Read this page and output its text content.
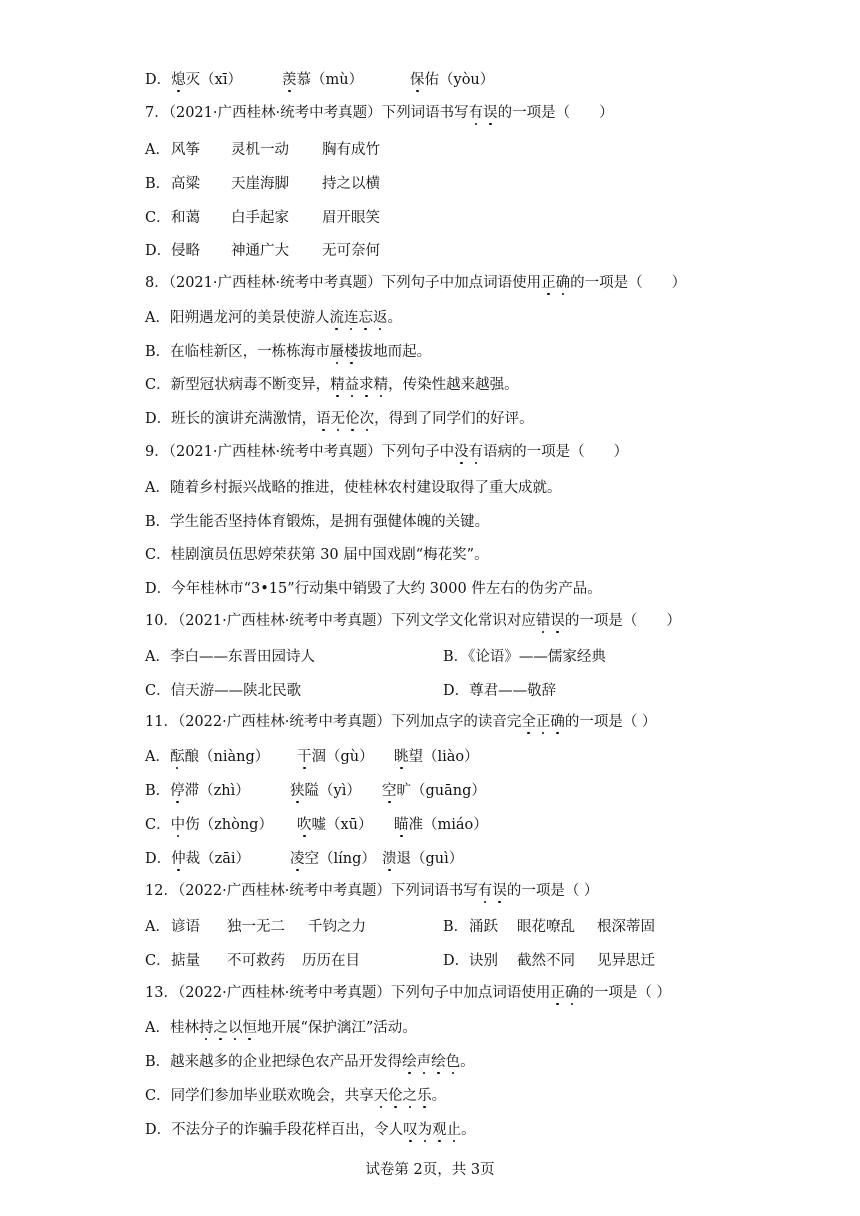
D．熄灭（xī）	羡慕（mù）	保佑（yòu）
7．（2021·广西桂林·统考中考真题）下列词语书写有误的一项是（　　）
A． 风筝 灵机一动 胸有成竹
B． 高粱 天崖海脚 持之以横
C． 和蔼 白手起家 眉开眼笑
D． 侵略 神通广大 无可奈何
8．（2021·广西桂林·统考中考真题）下列句子中加点词语使用正确的一项是（　　）
A．阳朔遇龙河的美景使游人流连忘返。
B．在临桂新区，一栋栋海市蜃楼拔地而起。
C．新型冠状病毒不断变异，精益求精，传染性越来越强。
D．班长的演讲充满激情，语无伦次，得到了同学们的好评。
9．（2021·广西桂林·统考中考真题）下列句子中没有语病的一项是（　　）
A．随着乡村振兴战略的推进，使桂林农村建设取得了重大成就。
B．学生能否坚持体育锻炼，是拥有强健体魄的关键。
C．桂剧演员伍思婷荣获第 30 届中国戏剧“梅花奖”。
D．今年桂林市“3•15”行动集中销毁了大约 3000 件左右的伪劣产品。
10．（2021·广西桂林·统考中考真题）下列文学文化常识对应错误的一项是（　　）
A．李白——东晋田园诗人	B．《论语》——儒家经典
C．信天游——陕北民歌	D．尊君——敬辞
11．（2022·广西桂林·统考中考真题）下列加点字的读音完全正确的一项是（ ）
A．酝酿（niàng） 干涸（gù） 眺望（liào）
B．停滞（zhì）	狭隘（yì） 空旷（guāng）
C．中伤（zhòng） 吹嘘（xū） 瞄准（miáo）
D．仲裁（zāi）	凌空（líng） 溃退（guì）
12．（2022·广西桂林·统考中考真题）下列词语书写有误的一项是（ ）
A． 谚语 独一无二 千钧之力	B． 涌跃 眼花嘹乱 根深蒂固
C． 掂量 不可救药 历历在目	D． 诀别 截然不同 见异思迁
13．（2022·广西桂林·统考中考真题）下列句子中加点词语使用正确的一项是（ ）
A．桂林持之以恒地开展“保护漓江”活动。
B．越来越多的企业把绿色农产品开发得绘声绘色。
C．同学们参加毕业联欢晚会，共享天伦之乐。
D．不法分子的诈骗手段花样百出，令人叹为观止。
试卷第 2页，共 3页
